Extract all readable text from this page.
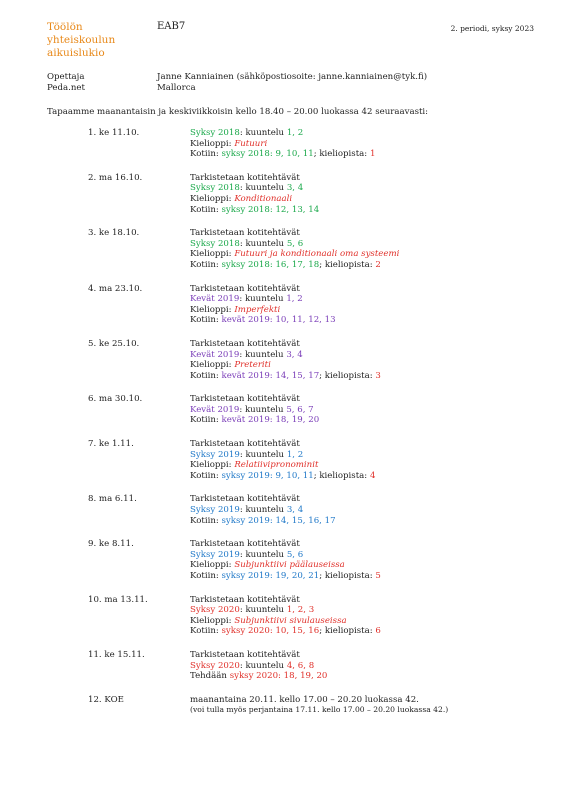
Töölön
yhteiskoulun
aikuislukio
EAB7	2. periodi, syksy 2023
Opettaja	Janne Kanniainen (sähköpostiosoite: janne.kanniainen@tyk.fi)
Peda.net	Mallorca
Tapaamme maanantaisin ja keskiviikkoisin kello 18.40 – 20.00 luokassa 42 seuraavasti:
1. ke 11.10.	Syksy 2018: kuuntelu 1, 2
Kielioppi: Futuuri
Kotiin: syksy 2018: 9, 10, 11; kieliopista: 1
2. ma 16.10.	Tarkistetaan kotitehtävät
Syksy 2018: kuuntelu 3, 4
Kielioppi: Konditionaali
Kotiin: syksy 2018: 12, 13, 14
3. ke 18.10.	Tarkistetaan kotitehtävät
Syksy 2018: kuuntelu 5, 6
Kielioppi: Futuuri ja konditionaali oma systeemi
Kotiin: syksy 2018: 16, 17, 18; kieliopista: 2
4. ma 23.10.	Tarkistetaan kotitehtävät
Kevät 2019: kuuntelu 1, 2
Kielioppi: Imperfekti
Kotiin: kevät 2019: 10, 11, 12, 13
5. ke 25.10.	Tarkistetaan kotitehtävät
Kevät 2019: kuuntelu 3, 4
Kielioppi: Preteriti
Kotiin: kevät 2019: 14, 15, 17; kieliopista: 3
6. ma 30.10.	Tarkistetaan kotitehtävät
Kevät 2019: kuuntelu 5, 6, 7
Kotiin: kevät 2019: 18, 19, 20
7. ke 1.11.	Tarkistetaan kotitehtävät
Syksy 2019: kuuntelu 1, 2
Kielioppi: Relatiivipronominit
Kotiin: syksy 2019: 9, 10, 11; kieliopista: 4
8. ma 6.11.	Tarkistetaan kotitehtävät
Syksy 2019: kuuntelu 3, 4
Kotiin: syksy 2019: 14, 15, 16, 17
9. ke 8.11.	Tarkistetaan kotitehtävät
Syksy 2019: kuuntelu 5, 6
Kielioppi: Subjunktiivi päälauseissa
Kotiin: syksy 2019: 19, 20, 21; kieliopista: 5
10. ma 13.11.	Tarkistetaan kotitehtävät
Syksy 2020: kuuntelu 1, 2, 3
Kielioppi: Subjunktiivi sivulauseissa
Kotiin: syksy 2020: 10, 15, 16; kieliopista: 6
11. ke 15.11.	Tarkistetaan kotitehtävät
Syksy 2020: kuuntelu 4, 6, 8
Tehdään syksy 2020: 18, 19, 20
12. KOE	maanantaina 20.11. kello 17.00 – 20.20 luokassa 42.
(voi tulla myös perjantaina 17.11. kello 17.00 – 20.20 luokassa 42.)
